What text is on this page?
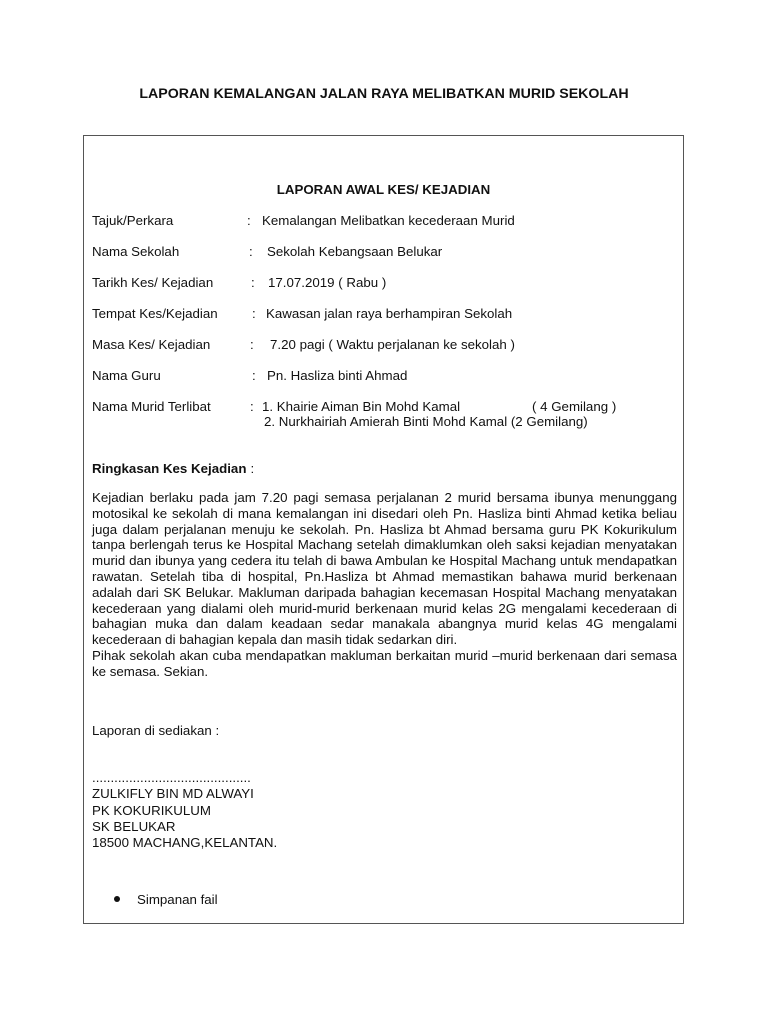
LAPORAN KEMALANGAN JALAN RAYA MELIBATKAN MURID SEKOLAH
LAPORAN AWAL KES/ KEJADIAN
Tajuk/Perkara	: Kemalangan Melibatkan kecederaan Murid
Nama Sekolah	: Sekolah Kebangsaan Belukar
Tarikh Kes/ Kejadian	: 17.07.2019 ( Rabu )
Tempat Kes/Kejadian	: Kawasan jalan raya berhampiran Sekolah
Masa Kes/ Kejadian	: 7.20 pagi ( Waktu perjalanan ke sekolah )
Nama Guru	: Pn. Hasliza binti Ahmad
Nama Murid Terlibat	: 1. Khairie Aiman Bin Mohd Kamal	( 4 Gemilang )
2. Nurkhairiah Amierah Binti Mohd Kamal (2 Gemilang)
Ringkasan Kes Kejadian :

Kejadian berlaku pada jam 7.20 pagi semasa perjalanan 2 murid bersama ibunya menunggang motosikal ke sekolah di mana kemalangan ini disedari oleh Pn. Hasliza binti Ahmad ketika beliau juga dalam perjalanan menuju ke sekolah. Pn. Hasliza bt Ahmad bersama guru PK Kokurikulum tanpa berlengah terus ke Hospital Machang setelah dimaklumkan oleh saksi kejadian menyatakan murid dan ibunya yang cedera itu telah di bawa Ambulan ke Hospital Machang untuk mendapatkan rawatan. Setelah tiba di hospital, Pn.Hasliza bt Ahmad memastikan bahawa murid berkenaan adalah dari SK Belukar. Makluman daripada bahagian kecemasan Hospital Machang menyatakan kecederaan yang dialami oleh murid-murid berkenaan murid kelas 2G mengalami kecederaan di bahagian muka dan dalam keadaan sedar manakala abangnya murid kelas 4G mengalami kecederaan di bahagian kepala dan masih tidak sedarkan diri.

Pihak sekolah akan cuba mendapatkan makluman berkaitan murid –murid berkenaan dari semasa ke semasa. Sekian.

Laporan di sediakan :
...........................................
ZULKIFLY BIN MD ALWAYI
PK KOKURIKULUM
SK BELUKAR
18500 MACHANG,KELANTAN.
Simpanan fail
